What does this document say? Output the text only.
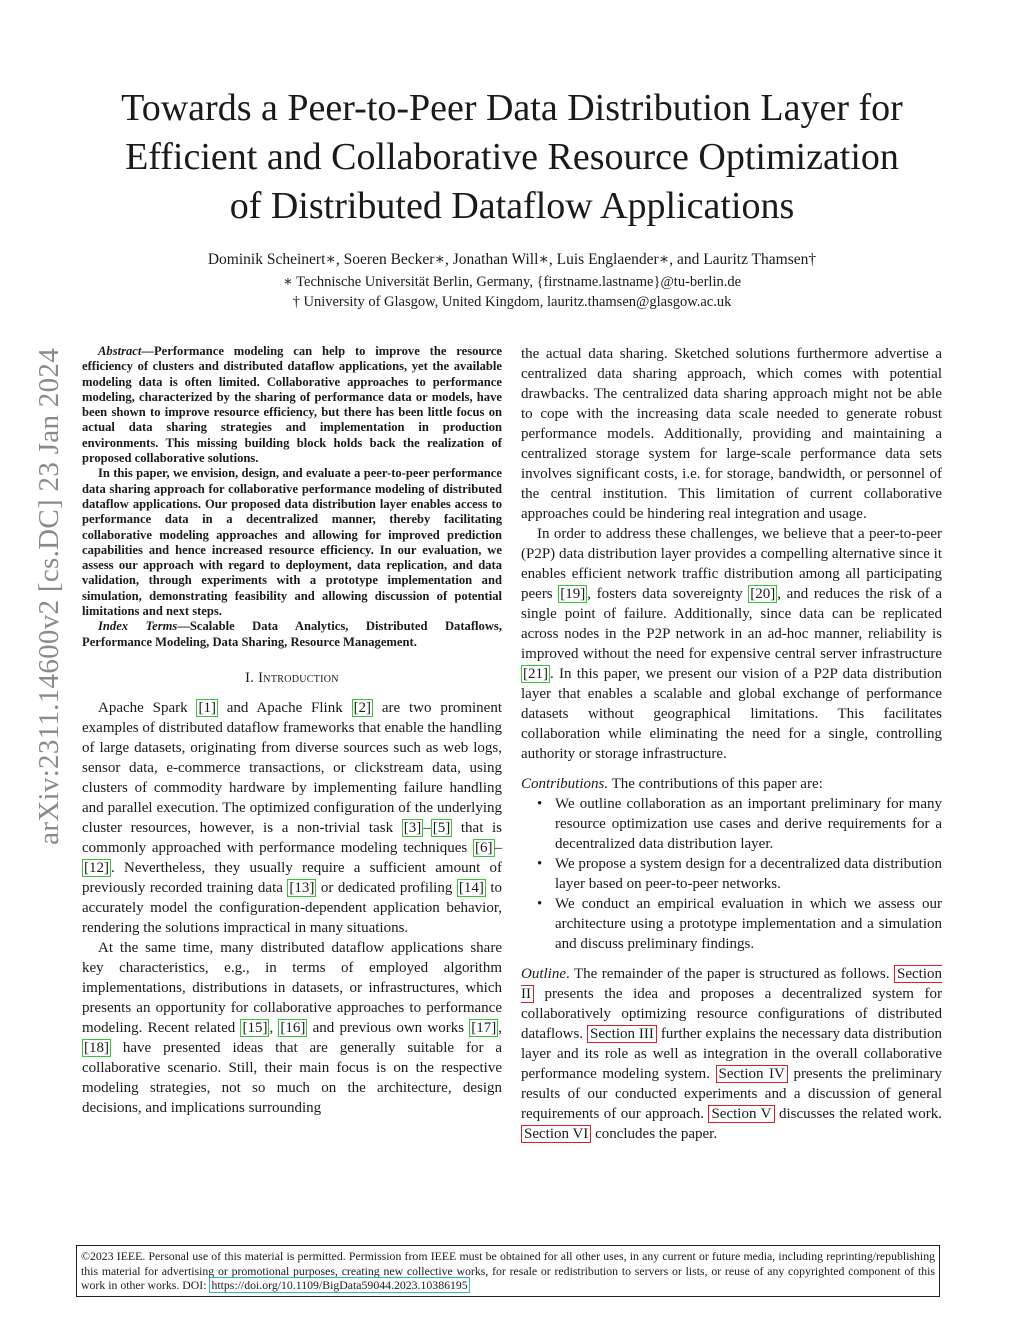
arXiv:2311.14600v2 [cs.DC] 23 Jan 2024
Towards a Peer-to-Peer Data Distribution Layer for
Efficient and Collaborative Resource Optimization
of Distributed Dataflow Applications
Dominik Scheinert∗, Soeren Becker∗, Jonathan Will∗, Luis Englaender∗, and Lauritz Thamsen†
∗ Technische Universität Berlin, Germany, {firstname.lastname}@tu-berlin.de
† University of Glasgow, United Kingdom, lauritz.thamsen@glasgow.ac.uk

Abstract—Performance modeling can help to improve the resource efficiency of clusters and distributed dataflow applications, yet the available modeling data is often limited. Collaborative approaches to performance modeling, characterized by the sharing of performance data or models, have been shown to improve resource efficiency, but there has been little focus on actual data sharing strategies and implementation in production environments. This missing building block holds back the realization of proposed collaborative solutions.

In this paper, we envision, design, and evaluate a peer-to-peer performance data sharing approach for collaborative performance modeling of distributed dataflow applications. Our proposed data distribution layer enables access to performance data in a decentralized manner, thereby facilitating collaborative modeling approaches and allowing for improved prediction capabilities and hence increased resource efficiency. In our evaluation, we assess our approach with regard to deployment, data replication, and data validation, through experiments with a prototype implementation and simulation, demonstrating feasibility and allowing discussion of potential limitations and next steps.

Index Terms—Scalable Data Analytics, Distributed Dataflows, Performance Modeling, Data Sharing, Resource Management.

I. Introduction

Apache Spark [1] and Apache Flink [2] are two prominent examples of distributed dataflow frameworks that enable the handling of large datasets, originating from diverse sources such as web logs, sensor data, e-commerce transactions, or clickstream data, using clusters of commodity hardware by implementing failure handling and parallel execution. The optimized configuration of the underlying cluster resources, however, is a non-trivial task [3] – [5] that is commonly approached with performance modeling techniques [6] –[12] . Nevertheless, they usually require a sufficient amount of previously recorded training data [13] or dedicated profiling [14] to accurately model the configuration-dependent application behavior, rendering the solutions impractical in many situations.

At the same time, many distributed dataflow applications share key characteristics, e.g., in terms of employed algorithm implementations, distributions in datasets, or infrastructures, which presents an opportunity for collaborative approaches to performance modeling. Recent related [15] , [16] and previous own works [17] , [18] have presented ideas that are generally suitable for a collaborative scenario. Still, their main focus is on the respective modeling strategies, not so much on the architecture, design decisions, and implications surrounding

the actual data sharing. Sketched solutions furthermore advertise a centralized data sharing approach, which comes with potential drawbacks. The centralized data sharing approach might not be able to cope with the increasing data scale needed to generate robust performance models. Additionally, providing and maintaining a centralized storage system for large-scale performance data sets involves significant costs, i.e. for storage, bandwidth, or personnel of the central institution. This limitation of current collaborative approaches could be hindering real integration and usage.

In order to address these challenges, we believe that a peer-to-peer (P2P) data distribution layer provides a compelling alternative since it enables efficient network traffic distribution among all participating peers [19] , fosters data sovereignty [20] , and reduces the risk of a single point of failure. Additionally, since data can be replicated across nodes in the P2P network in an ad-hoc manner, reliability is improved without the need for expensive central server infrastructure [21] . In this paper, we present our vision of a P2P data distribution layer that enables a scalable and global exchange of performance datasets without geographical limitations. This facilitates collaboration while eliminating the need for a single, controlling authority or storage infrastructure.

Contributions. The contributions of this paper are:

• We outline collaboration as an important preliminary for many resource optimization use cases and derive requirements for a decentralized data distribution layer.
• We propose a system design for a decentralized data distribution layer based on peer-to-peer networks.
• We conduct an empirical evaluation in which we assess our architecture using a prototype implementation and a simulation and discuss preliminary findings.

Outline. The remainder of the paper is structured as follows. Section II presents the idea and proposes a decentralized system for collaboratively optimizing resource configurations of distributed dataflows. Section III further explains the necessary data distribution layer and its role as well as integration in the overall collaborative performance modeling system. Section IV presents the preliminary results of our conducted experiments and a discussion of general requirements of our approach. Section V discusses the related work. Section VI concludes the paper.

©2023 IEEE. Personal use of this material is permitted. Permission from IEEE must be obtained for all other uses, in any current or future media, including reprinting/republishing this material for advertising or promotional purposes, creating new collective works, for resale or redistribution to servers or lists, or reuse of any copyrighted component of this work in other works. DOI: https://doi.org/10.1109/BigData59044.2023.10386195
